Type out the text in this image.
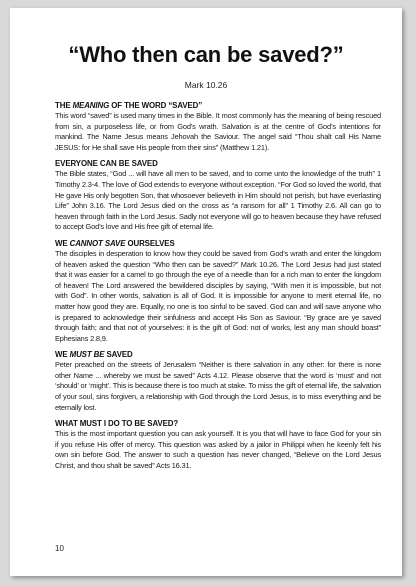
“Who then can be saved?”
Mark 10.26
THE MEANING OF THE WORD “SAVED”
This word “saved” is used many times in the Bible. It most commonly has the meaning of being rescued from sin, a purposeless life, or from God’s wrath. Salvation is at the centre of God’s intentions for mankind. The Name Jesus means Jehovah the Saviour. The angel said “Thou shalt call His Name JESUS: for He shall save His people from their sins” (Matthew 1.21).
EVERYONE CAN BE SAVED
The Bible states, “God ... will have all men to be saved, and to come unto the knowledge of the truth” 1 Timothy 2.3-4. The love of God extends to everyone without exception. “For God so loved the world, that He gave His only begotten Son, that whosoever believeth in Him should not perish, but have everlasting Life” John 3.16. The Lord Jesus died on the cross as “a ransom for all” 1 Timothy 2.6. All can go to heaven through faith in the Lord Jesus. Sadly not everyone will go to heaven because they have refused to accept God’s love and His free gift of eternal life.
WE CANNOT SAVE OURSELVES
The disciples in desperation to know how they could be saved from God’s wrath and enter the kingdom of heaven asked the question “Who then can be saved?” Mark 10.26. The Lord Jesus had just stated that it was easier for a camel to go through the eye of a needle than for a rich man to enter the kingdom of heaven! The Lord answered the bewildered disciples by saying, “With men it is impossible, but not with God”. In other words, salvation is all of God. It is impossible for anyone to merit eternal life, no matter how good they are. Equally, no one is too sinful to be saved. God can and will save anyone who is prepared to acknowledge their sinfulness and accept His Son as Saviour. “By grace are ye saved through faith; and that not of yourselves: it is the gift of God: not of works, lest any man should boast” Ephesians 2.8,9.
WE MUST BE SAVED
Peter preached on the streets of Jerusalem “Neither is there salvation in any other: for there is none other Name ... whereby we must be saved” Acts 4.12. Please observe that the word is ‘must’ and not ‘should’ or ‘might’. This is because there is too much at stake. To miss the gift of eternal life, the salvation of your soul, sins forgiven, a relationship with God through the Lord Jesus, is to miss everything and be eternally lost.
WHAT MUST I DO TO BE SAVED?
This is the most important question you can ask yourself. It is you that will have to face God for your sin if you refuse His offer of mercy. This question was asked by a jailor in Philippi when he keenly felt his own sin before God. The answer to such a question has never changed, “Believe on the Lord Jesus Christ, and thou shalt be saved” Acts 16.31.
10
